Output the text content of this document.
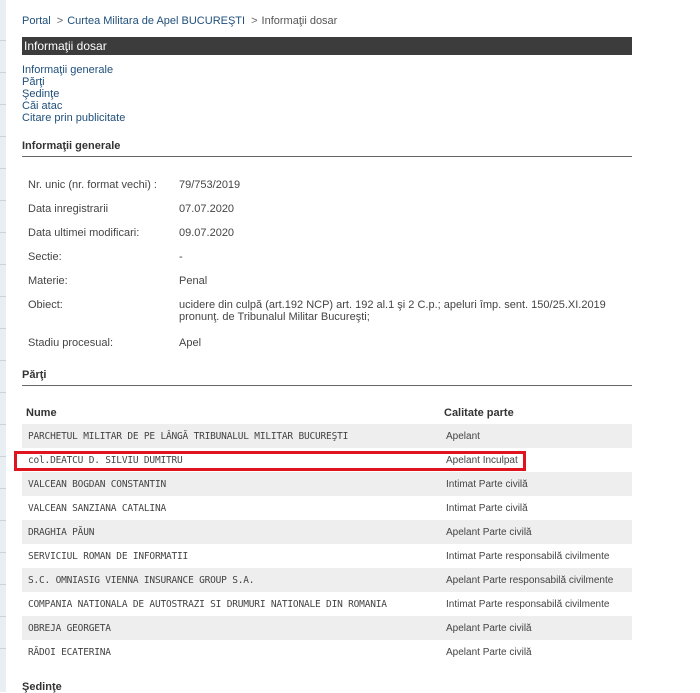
Portal > Curtea Militara de Apel BUCUREŞTI > Informaţii dosar
Informaţii dosar
Informaţii generale
Părţi
Şedinţe
Căi atac
Citare prin publicitate
Informaţii generale
Nr. unic (nr. format vechi) : 79/753/2019
Data inregistrarii	07.07.2020
Data ultimei modificari:	09.07.2020
Sectie:	-
Materie:	Penal
Obiect:	ucidere din culpă (art.192 NCP) art. 192 al.1 şi 2 C.p.; apeluri împ. sent. 150/25.XI.2019 pronunţ. de Tribunalul Militar Bucureşti;
Stadiu procesual:	Apel
Părţi
Nume	Calitate parte
PARCHETUL MILITAR DE PE LÂNGĂ TRIBUNALUL MILITAR BUCUREŞTI	Apelant
col.DEATCU D. SILVIU DUMITRU	Apelant Inculpat
VALCEAN BOGDAN CONSTANTIN	Intimat Parte civilă
VALCEAN SANZIANA CATALINA	Intimat Parte civilă
DRAGHIA PĂUN	Apelant Parte civilă
SERVICIUL ROMAN DE INFORMATII	Intimat Parte responsabilă civilmente
S.C. OMNIASIG VIENNA INSURANCE GROUP S.A.	Apelant Parte responsabilă civilmente
COMPANIA NATIONALA DE AUTOSTRAZI SI DRUMURI NATIONALE DIN ROMANIA	Intimat Parte responsabilă civilmente
OBREJA GEORGETA	Apelant Parte civilă
RĂDOI ECATERINA	Apelant Parte civilă
Şedinţe
